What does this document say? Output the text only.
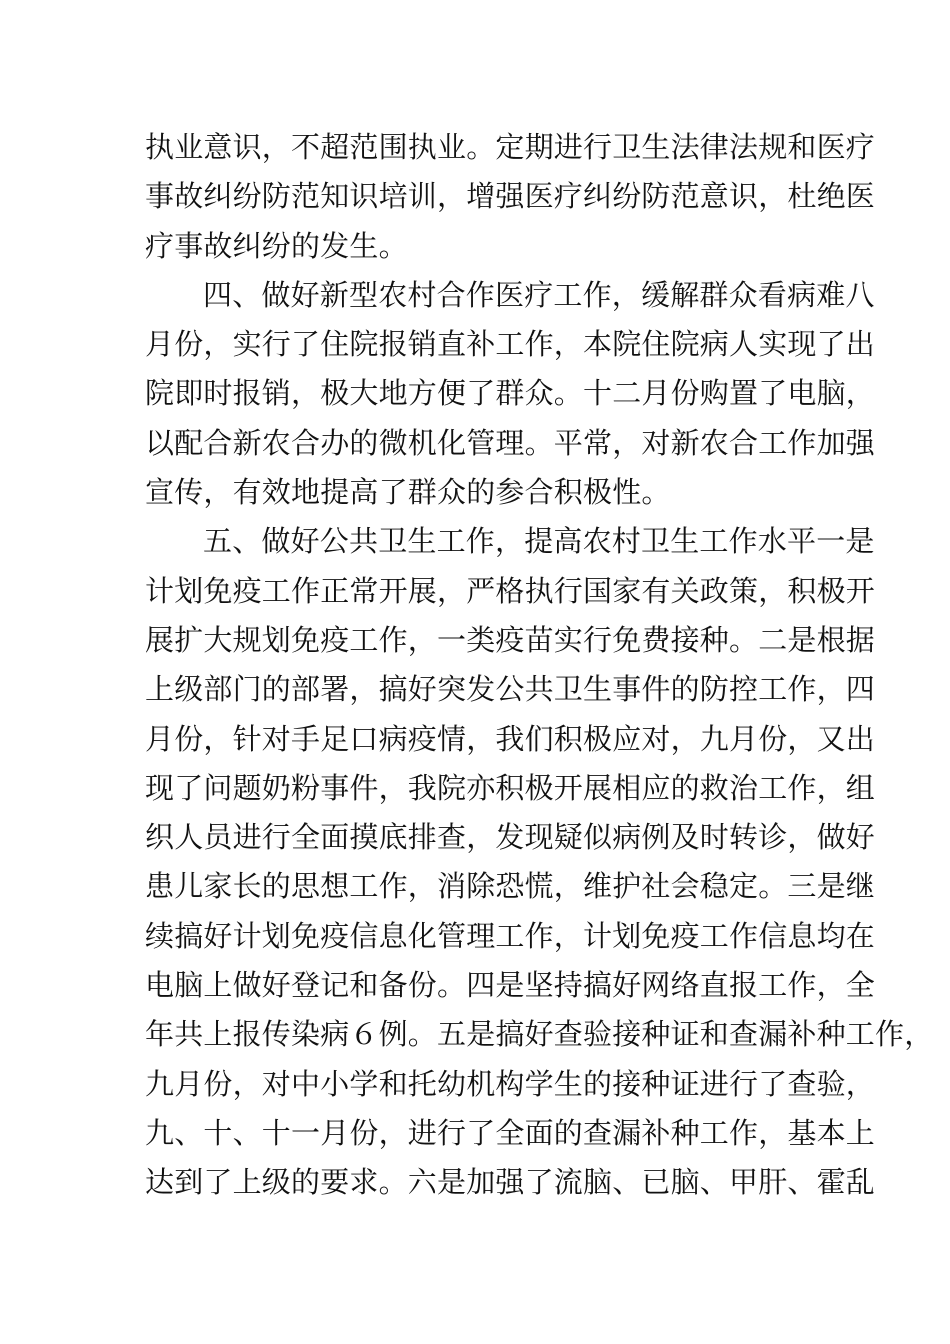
执业意识，不超范围执业。定期进行卫生法律法规和医疗
事故纠纷防范知识培训，增强医疗纠纷防范意识，杜绝医
疗事故纠纷的发生。
四、做好新型农村合作医疗工作，缓解群众看病难八
月份，实行了住院报销直补工作，本院住院病人实现了出
院即时报销，极大地方便了群众。十二月份购置了电脑，
以配合新农合办的微机化管理。平常，对新农合工作加强
宣传，有效地提高了群众的参合积极性。
五、做好公共卫生工作，提高农村卫生工作水平一是
计划免疫工作正常开展，严格执行国家有关政策，积极开
展扩大规划免疫工作，一类疫苗实行免费接种。二是根据
上级部门的部署，搞好突发公共卫生事件的防控工作，四
月份，针对手足口病疫情，我们积极应对，九月份，又出
现了问题奶粉事件，我院亦积极开展相应的救治工作，组
织人员进行全面摸底排查，发现疑似病例及时转诊，做好
患儿家长的思想工作，消除恐慌，维护社会稳定。三是继
续搞好计划免疫信息化管理工作，计划免疫工作信息均在
电脑上做好登记和备份。四是坚持搞好网络直报工作，全
年共上报传染病６例。五是搞好查验接种证和查漏补种工作，
九月份，对中小学和托幼机构学生的接种证进行了查验，
九、十、十一月份，进行了全面的查漏补种工作，基本上
达到了上级的要求。六是加强了流脑、已脑、甲肝、霍乱
